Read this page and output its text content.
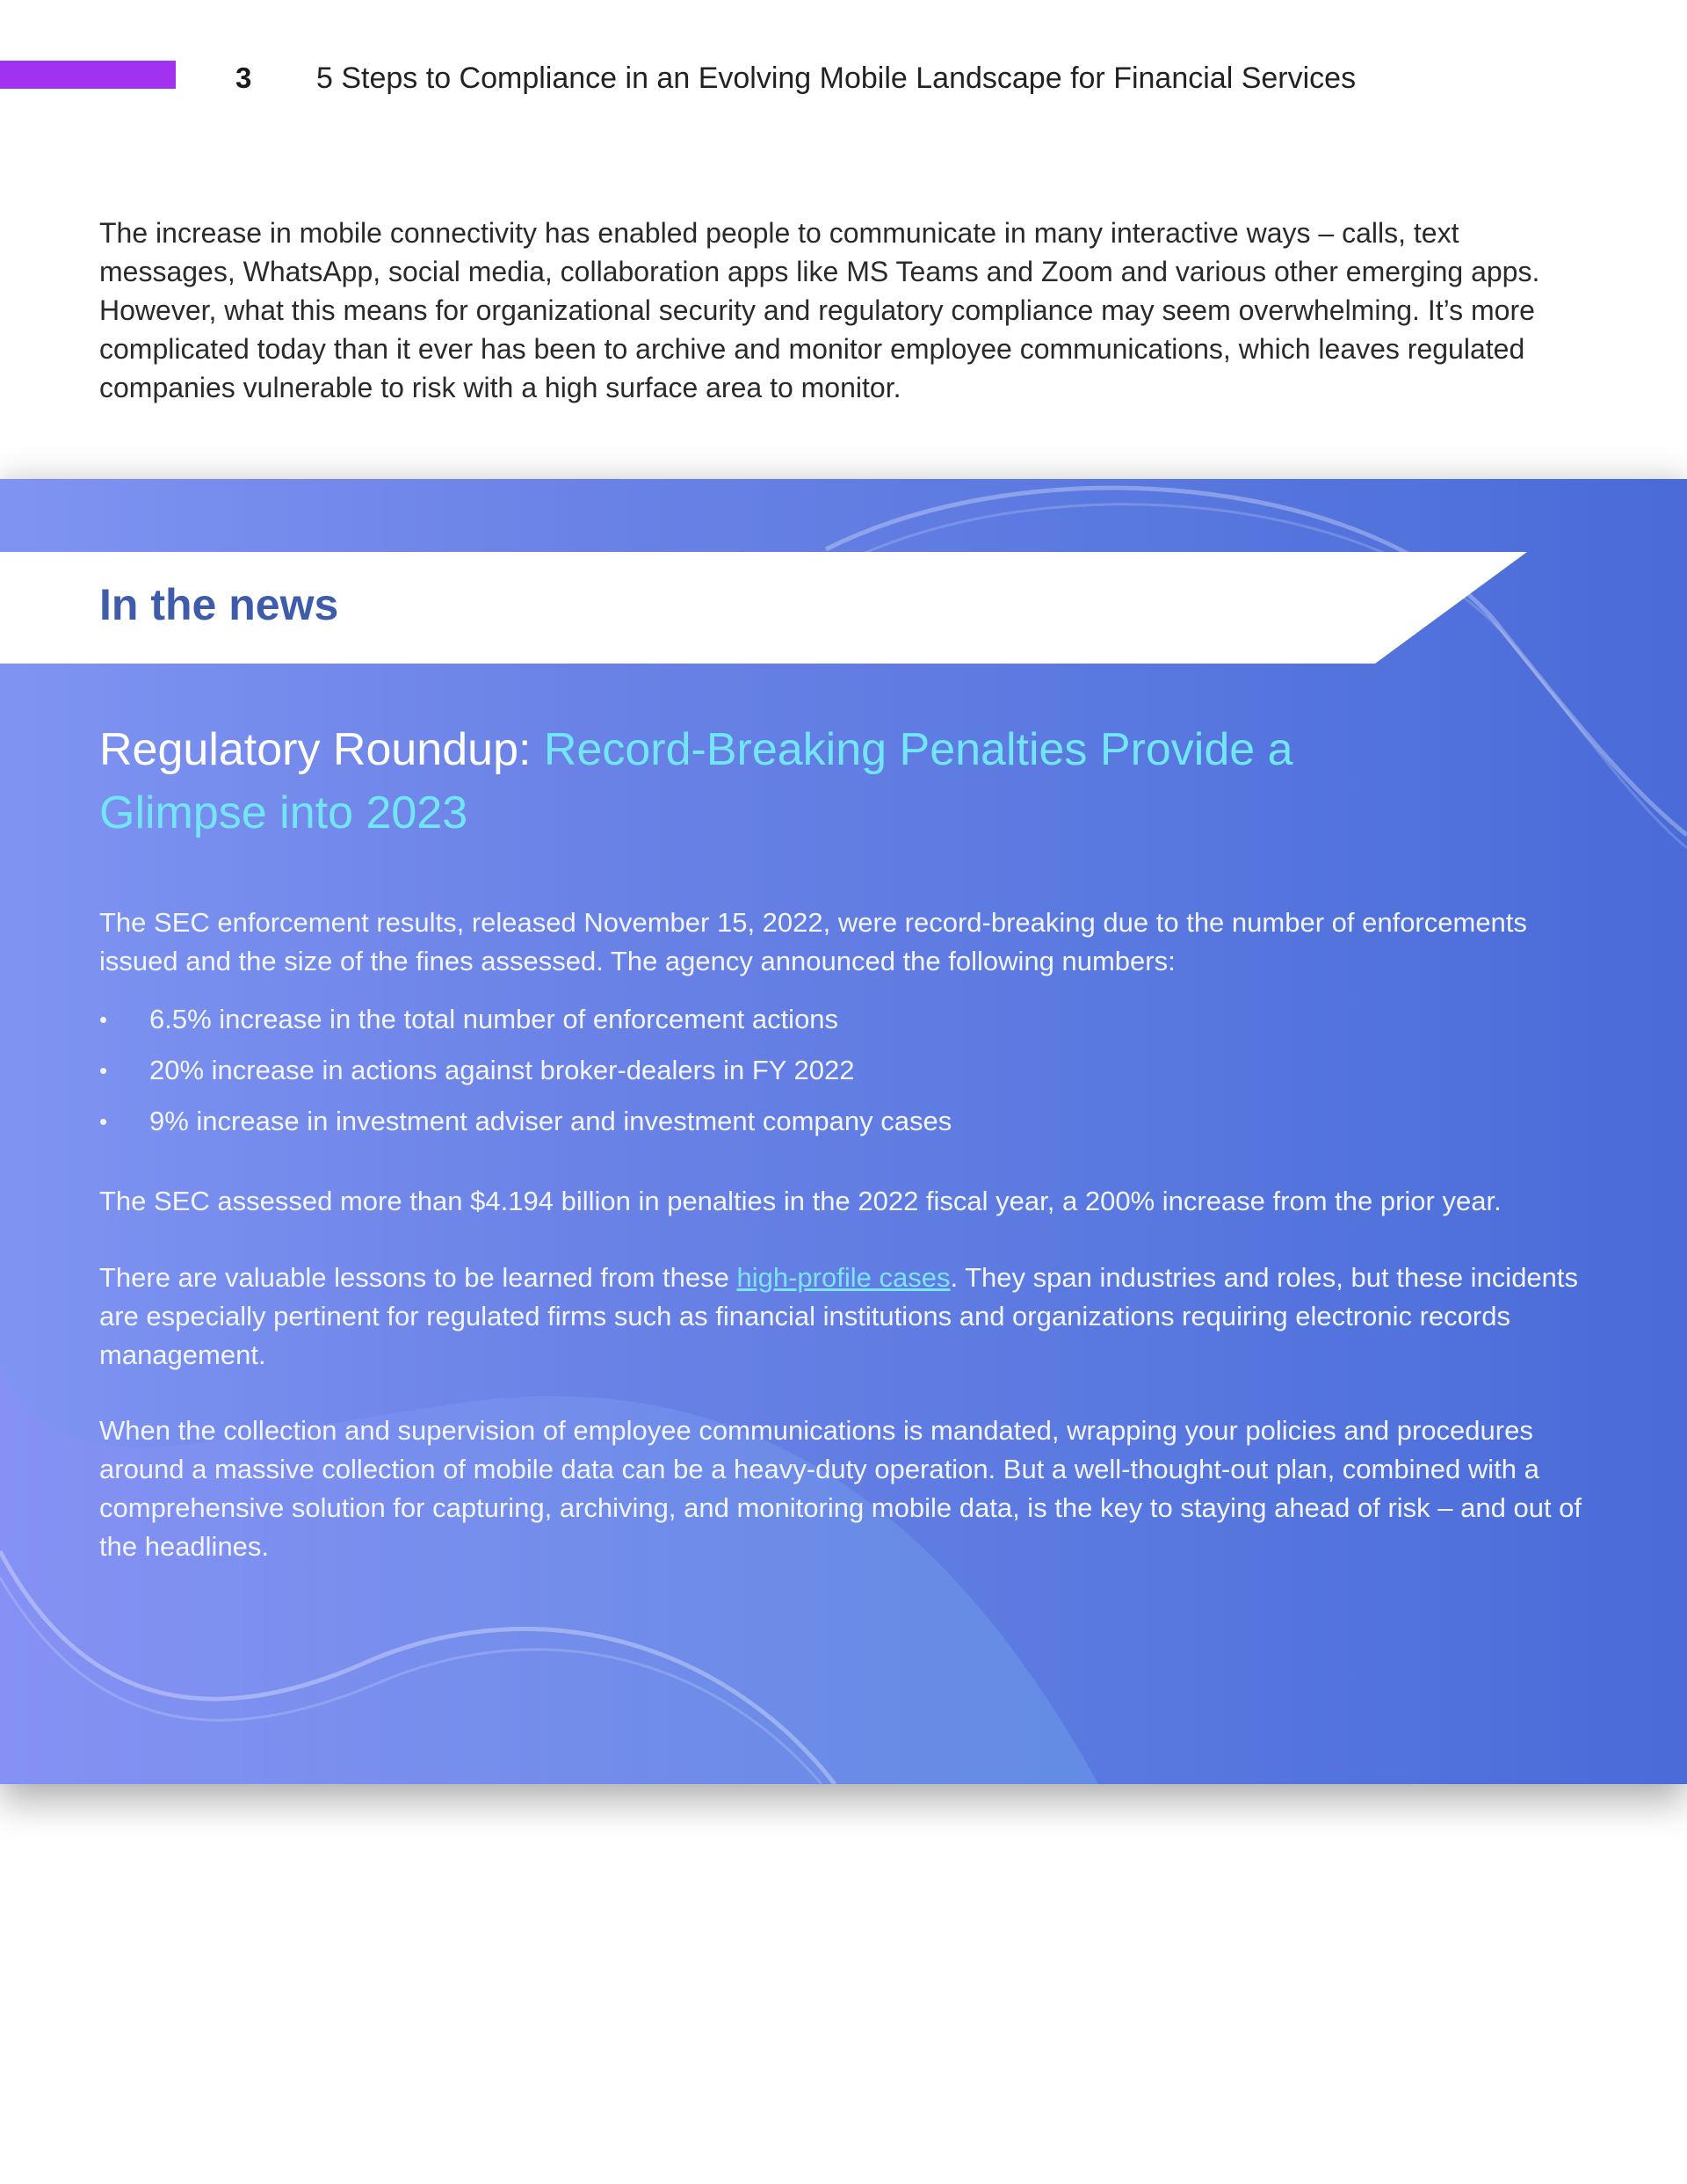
3 5 Steps to Compliance in an Evolving Mobile Landscape for Financial Services

The increase in mobile connectivity has enabled people to communicate in many interactive ways – calls, text messages, WhatsApp, social media, collaboration apps like MS Teams and Zoom and various other emerging apps. However, what this means for organizational security and regulatory compliance may seem overwhelming. It’s more complicated today than it ever has been to archive and monitor employee communications, which leaves regulated companies vulnerable to risk with a high surface area to monitor.

In the news
Regulatory Roundup: Record-Breaking Penalties Provide a Glimpse into 2023

The SEC enforcement results, released November 15, 2022, were record-breaking due to the number of enforcements issued and the size of the fines assessed. The agency announced the following numbers:

• 6.5% increase in the total number of enforcement actions
• 20% increase in actions against broker-dealers in FY 2022
• 9% increase in investment adviser and investment company cases

The SEC assessed more than $4.194 billion in penalties in the 2022 fiscal year, a 200% increase from the prior year.

There are valuable lessons to be learned from these high-profile cases. They span industries and roles, but these incidents are especially pertinent for regulated firms such as financial institutions and organizations requiring electronic records management.

When the collection and supervision of employee communications is mandated, wrapping your policies and procedures around a massive collection of mobile data can be a heavy-duty operation. But a well-thought-out plan, combined with a comprehensive solution for capturing, archiving, and monitoring mobile data, is the key to staying ahead of risk – and out of the headlines.
